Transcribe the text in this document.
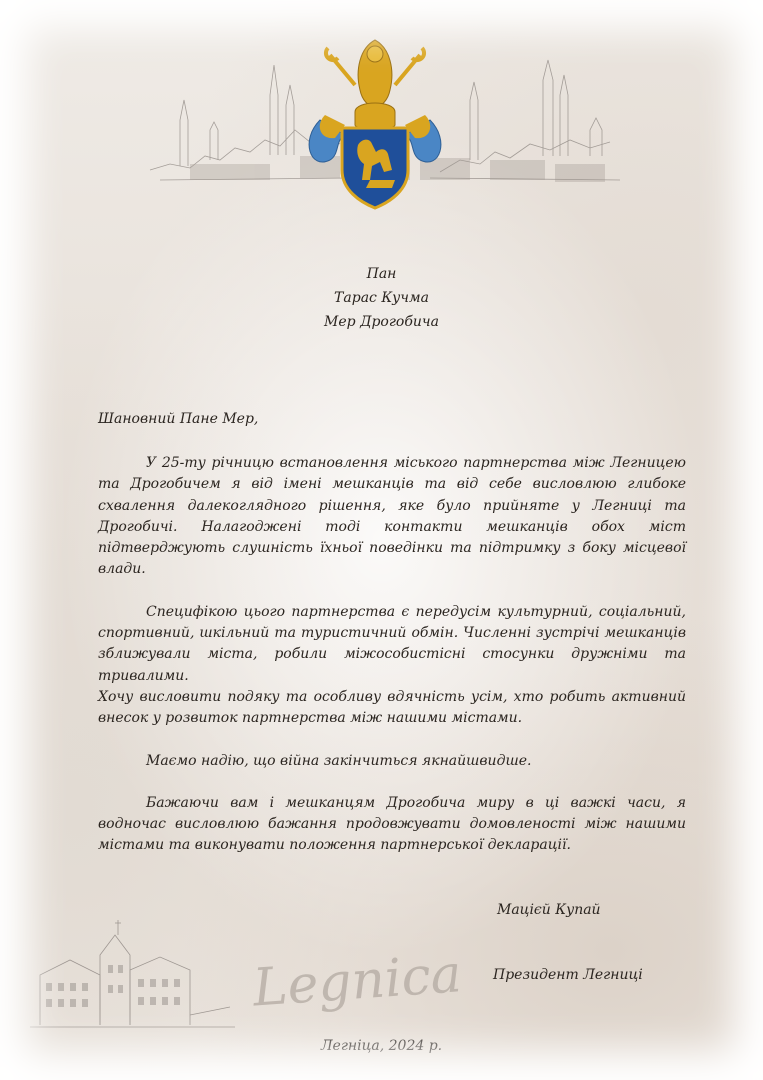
Пан
Тарас Кучма
Мер Дрогобича
Шановний Пане Мер,

У 25-ту річницю встановлення міського партнерства між Легницею та Дрогобичем я від імені мешканців та від себе висловлюю глибоке схвалення далекоглядного рішення, яке було прийняте у Легниці та Дрогобичі. Налагоджені тоді контакти мешканців обох міст підтверджують слушність їхньої поведінки та підтримку з боку місцевої влади.

Специфікою цього партнерства є передусім культурний, соціальний, спортивний, шкільний та туристичний обмін. Численні зустрічі мешканців зближували міста, робили міжособистісні стосунки дружніми та тривалими.

Хочу висловити подяку та особливу вдячність усім, хто робить активний внесок у розвиток партнерства між нашими містами.

Маємо надію, що війна закінчиться якнайшвидше.

Бажаючи вам і мешканцям Дрогобича миру в ці важкі часи, я водночас висловлюю бажання продовжувати домовленості між нашими містами та виконувати положення партнерської декларації.

Мацієй Купай
Президент Легниці
Legnica
Легніца, 2024 р.
